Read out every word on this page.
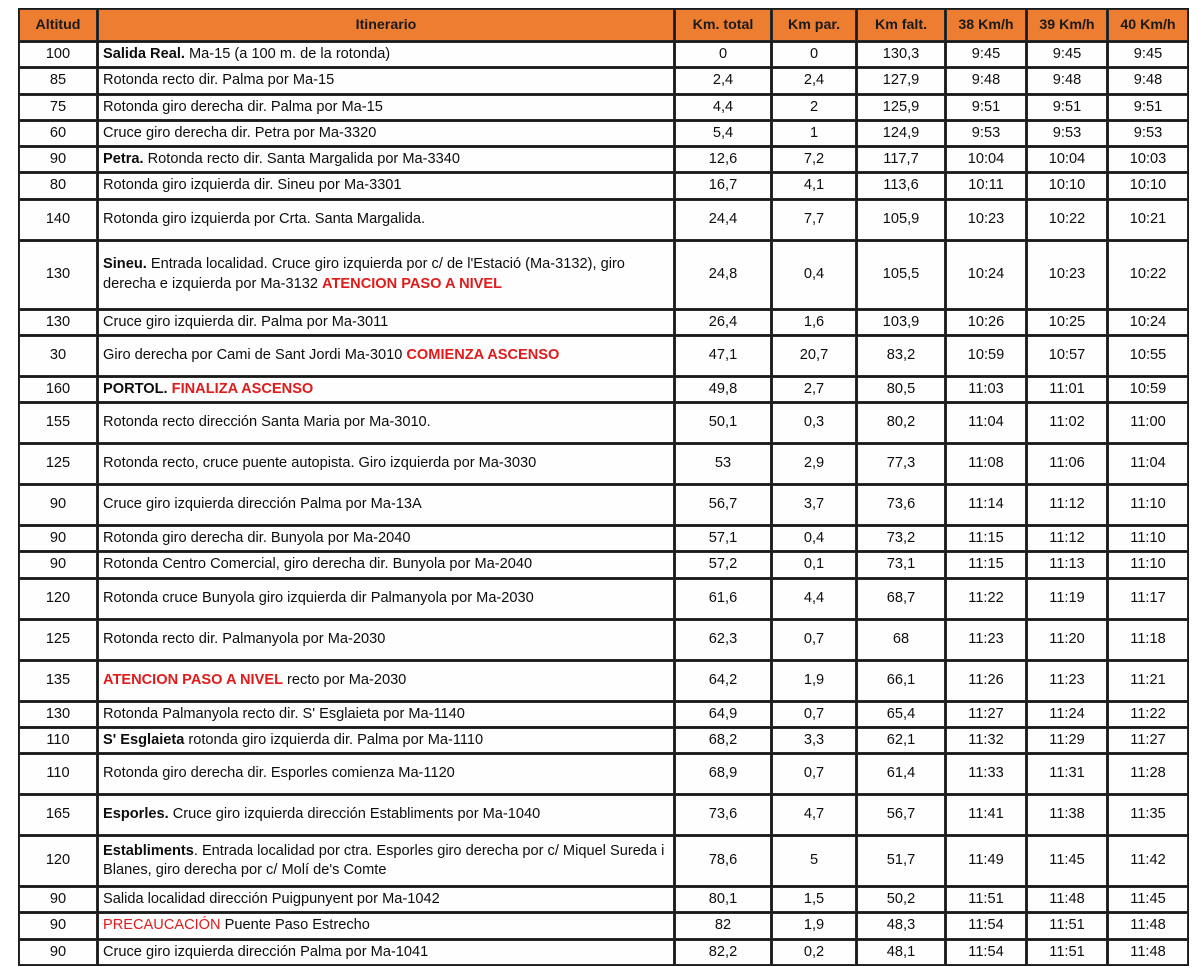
Altitud	Itinerario	Km. total	Km par.	Km falt.	38 Km/h	39 Km/h	40 Km/h
100	Salida Real. Ma-15 (a 100 m. de la rotonda)	0	0	130,3	9:45	9:45	9:45
85	Rotonda recto dir. Palma por Ma-15	2,4	2,4	127,9	9:48	9:48	9:48
75	Rotonda giro derecha dir. Palma por Ma-15	4,4	2	125,9	9:51	9:51	9:51
60	Cruce giro derecha dir. Petra por Ma-3320	5,4	1	124,9	9:53	9:53	9:53
90	Petra. Rotonda recto dir. Santa Margalida por Ma-3340	12,6	7,2	117,7	10:04	10:04	10:03
80	Rotonda giro izquierda dir. Sineu por Ma-3301	16,7	4,1	113,6	10:11	10:10	10:10
140	Rotonda giro izquierda por Crta. Santa Margalida.	24,4	7,7	105,9	10:23	10:22	10:21
130	Sineu. Entrada localidad. Cruce giro izquierda por c/ de l'Estació (Ma-3132), giro derecha e izquierda por Ma-3132 ATENCION PASO A NIVEL	24,8	0,4	105,5	10:24	10:23	10:22
130	Cruce giro izquierda dir. Palma por Ma-3011	26,4	1,6	103,9	10:26	10:25	10:24
30	Giro derecha por Cami de Sant Jordi Ma-3010 COMIENZA ASCENSO	47,1	20,7	83,2	10:59	10:57	10:55
160	PORTOL. FINALIZA ASCENSO	49,8	2,7	80,5	11:03	11:01	10:59
155	Rotonda recto dirección Santa Maria por Ma-3010.	50,1	0,3	80,2	11:04	11:02	11:00
125	Rotonda recto, cruce puente autopista. Giro izquierda por Ma-3030	53	2,9	77,3	11:08	11:06	11:04
90	Cruce giro izquierda dirección Palma por Ma-13A	56,7	3,7	73,6	11:14	11:12	11:10
90	Rotonda giro derecha dir. Bunyola por Ma-2040	57,1	0,4	73,2	11:15	11:12	11:10
90	Rotonda Centro Comercial, giro derecha dir. Bunyola por Ma-2040	57,2	0,1	73,1	11:15	11:13	11:10
120	Rotonda cruce Bunyola giro izquierda dir Palmanyola por Ma-2030	61,6	4,4	68,7	11:22	11:19	11:17
125	Rotonda recto dir. Palmanyola por Ma-2030	62,3	0,7	68	11:23	11:20	11:18
135	ATENCION PASO A NIVEL recto por Ma-2030	64,2	1,9	66,1	11:26	11:23	11:21
130	Rotonda Palmanyola recto dir. S' Esglaieta por Ma-1140	64,9	0,7	65,4	11:27	11:24	11:22
110	S' Esglaieta rotonda giro izquierda dir. Palma por Ma-1110	68,2	3,3	62,1	11:32	11:29	11:27
110	Rotonda giro derecha dir. Esporles comienza Ma-1120	68,9	0,7	61,4	11:33	11:31	11:28
165	Esporles. Cruce giro izquierda dirección Establiments por Ma-1040	73,6	4,7	56,7	11:41	11:38	11:35
120	Establiments. Entrada localidad por ctra. Esporles giro derecha por c/ Miquel Sureda i Blanes, giro derecha por c/ Molí de's Comte	78,6	5	51,7	11:49	11:45	11:42
90	Salida localidad dirección Puigpunyent por Ma-1042	80,1	1,5	50,2	11:51	11:48	11:45
90	PRECAUCACIÓN Puente Paso Estrecho	82	1,9	48,3	11:54	11:51	11:48
90	Cruce giro izquierda dirección Palma por Ma-1041	82,2	0,2	48,1	11:54	11:51	11:48
